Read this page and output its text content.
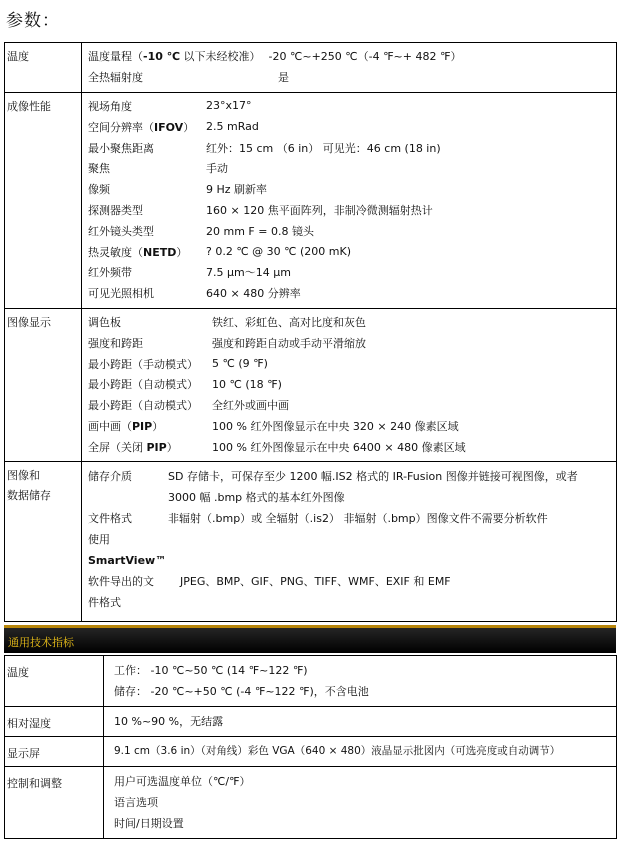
参数：
温度	温度量程（-10 ℃ 以下未经校准） -20 ℃~+250 ℃（-4 ℉~+ 482 ℉）
全热辐射度	是
成像性能	视场角度	23°x17°
空间分辨率（IFOV）	2.5 mRad
最小聚焦距离	红外：15 cm （6 in） 可见光：46 cm (18 in)
聚焦	手动
像频	9 Hz 刷新率
探测器类型	160 × 120 焦平面阵列，非制冷微测辐射热计
红外镜头类型	20 mm F = 0.8 镜头
热灵敏度（NETD）	? 0.2 ℃ @ 30 ℃ (200 mK)
红外频带	7.5 μm～14 μm
可见光照相机	640 × 480 分辨率
图像显示	调色板	铁红、彩虹色、高对比度和灰色
强度和跨距	强度和跨距自动或手动平滑缩放
最小跨距（手动模式）	5 ℃ (9 ℉)
最小跨距（自动模式）	10 ℃ (18 ℉)
最小跨距（自动模式）	全红外或画中画
画中画（PIP）	100 % 红外图像显示在中央 320 × 240 像素区域
全屏（关闭 PIP）	100 % 红外图像显示在中央 6400 × 480 像素区域
图像和
数据储存
储存介质	SD 存储卡，可保存至少 1200 幅.IS2 格式的 IR-Fusion 图像并链接可视图像，或者
3000 幅 .bmp 格式的基本红外图像
文件格式	非辐射（.bmp）或 全辐射（.is2） 非辐射（.bmp）图像文件不需要分析软件
使用
SmartView™
软件导出的文	JPEG、BMP、GIF、PNG、TIFF、WMF、EXIF 和 EMF
件格式
通用技术指标
温度	工作： -10 ℃~50 ℃ (14 ℉~122 ℉)
储存： -20 ℃~+50 ℃ (-4 ℉~122 ℉)，不含电池
相对湿度	10 %~90 %，无结露
显示屏	9.1 cm（3.6 in）（对角线）彩色 VGA（640 × 480）液晶显示批図内（可选亮度或自动调节）
控制和调整	用户可选温度单位（℃/℉）
语言选项
时间/日期设置
